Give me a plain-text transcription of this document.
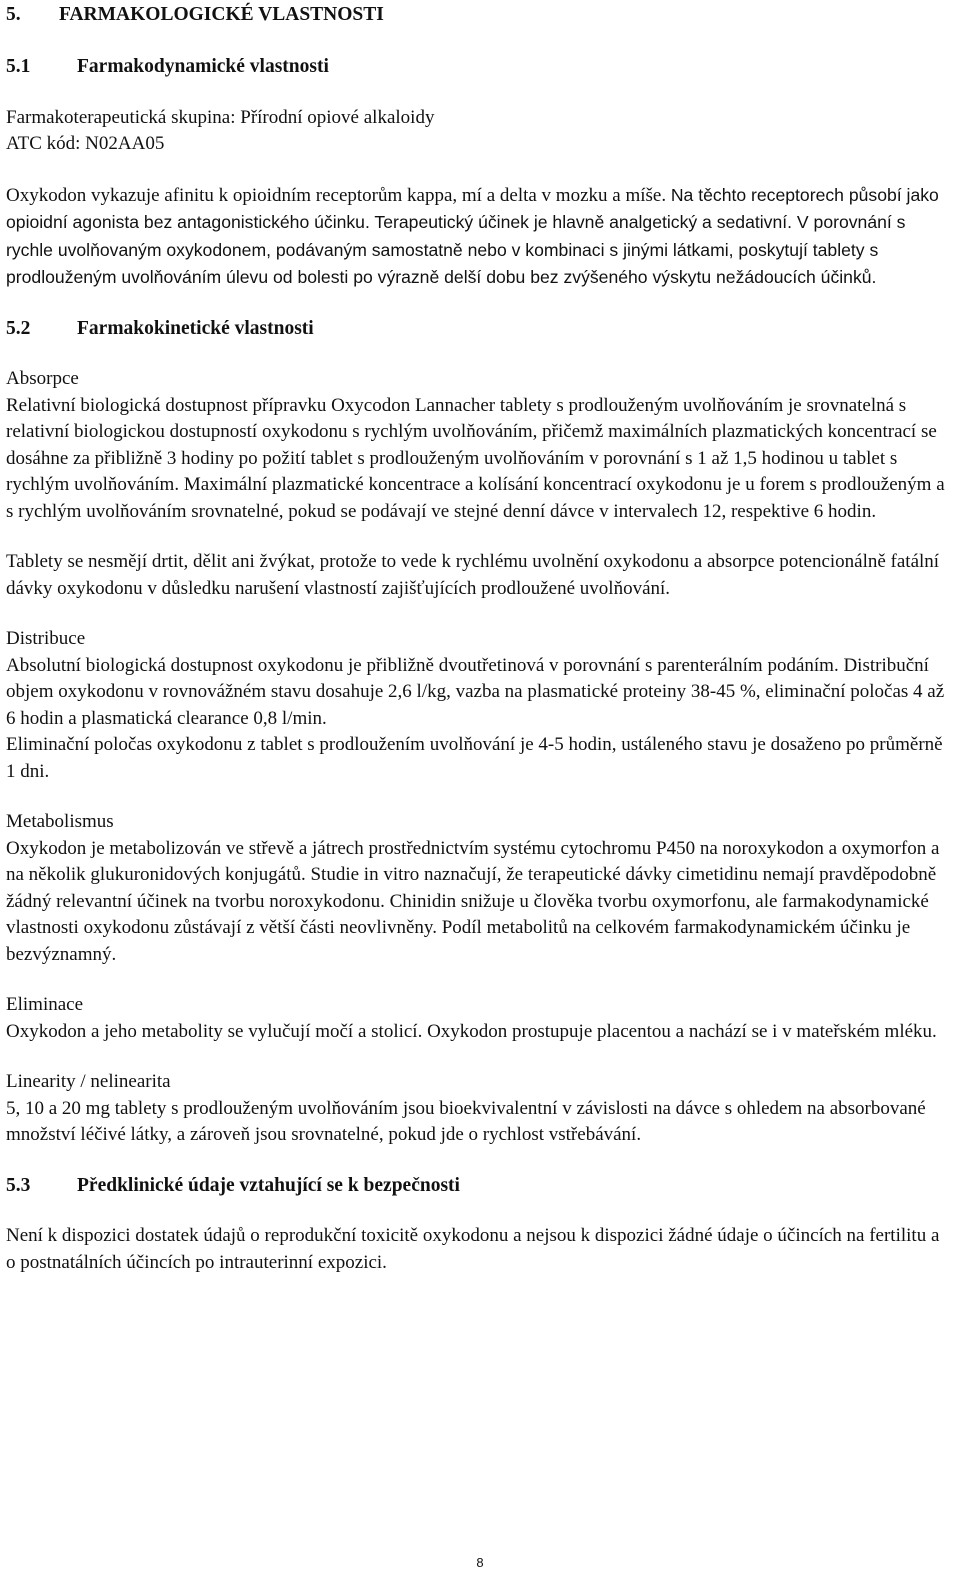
5.	FARMAKOLOGICKÉ VLASTNOSTI
5.1	Farmakodynamické vlastnosti

Farmakoterapeutická skupina: Přírodní opiové alkaloidy

ATC kód: N02AA05

Oxykodon vykazuje afinitu k opioidním receptorům kappa, mí a delta v mozku a míše. Na těchto receptorech působí jako opioidní agonista bez antagonistického účinku. Terapeutický účinek je hlavně analgetický a sedativní. V porovnání s rychle uvolňovaným oxykodonem, podávaným samostatně nebo v kombinaci s jinými látkami, poskytují tablety s prodlouženým uvolňováním úlevu od bolesti po výrazně delší dobu bez zvýšeného výskytu nežádoucích účinků.

5.2	Farmakokinetické vlastnosti

Absorpce

Relativní biologická dostupnost přípravku Oxycodon Lannacher tablety s prodlouženým uvolňováním je srovnatelná s relativní biologickou dostupností oxykodonu s rychlým uvolňováním, přičemž maximálních plazmatických koncentrací se dosáhne za přibližně 3 hodiny po požití tablet s prodlouženým uvolňováním v porovnání s 1 až 1,5 hodinou u tablet s rychlým uvolňováním. Maximální plazmatické koncentrace a kolísání koncentrací oxykodonu je u forem s prodlouženým a s rychlým uvolňováním srovnatelné, pokud se podávají ve stejné denní dávce v intervalech 12, respektive 6 hodin.

Tablety se nesmějí drtit, dělit ani žvýkat, protože to vede k rychlému uvolnění oxykodonu a absorpce potencionálně fatální dávky oxykodonu v důsledku narušení vlastností zajišťujících prodloužené uvolňování.

Distribuce

Absolutní biologická dostupnost oxykodonu je přibližně dvoutřetinová v porovnání s parenterálním podáním. Distribuční objem oxykodonu v rovnovážném stavu dosahuje 2,6 l/kg, vazba na plasmatické proteiny 38-45 %, eliminační poločas 4 až 6 hodin a plasmatická clearance 0,8 l/min.

Eliminační poločas oxykodonu z tablet s prodloužením uvolňování je 4-5 hodin, ustáleného stavu je dosaženo po průměrně 1 dni.

Metabolismus

Oxykodon je metabolizován ve střevě a játrech prostřednictvím systému cytochromu P450 na noroxykodon a oxymorfon a na několik glukuronidových konjugátů. Studie in vitro naznačují, že terapeutické dávky cimetidinu nemají pravděpodobně žádný relevantní účinek na tvorbu noroxykodonu. Chinidin snižuje u člověka tvorbu oxymorfonu, ale farmakodynamické vlastnosti oxykodonu zůstávají z větší části neovlivněny. Podíl metabolitů na celkovém farmakodynamickém účinku je bezvýznamný.

Eliminace

Oxykodon a jeho metabolity se vylučují močí a stolicí. Oxykodon prostupuje placentou a nachází se i v mateřském mléku.

Linearity / nelinearita

5, 10 a 20 mg tablety s prodlouženým uvolňováním jsou bioekvivalentní v závislosti na dávce s ohledem na absorbované množství léčivé látky, a zároveň jsou srovnatelné, pokud jde o rychlost vstřebávání.

5.3	Předklinické údaje vztahující se k bezpečnosti

Není k dispozici dostatek údajů o reprodukční toxicitě oxykodonu a nejsou k dispozici žádné údaje o účincích na fertilitu a o postnatálních účincích po intrauterinní expozici.

8
